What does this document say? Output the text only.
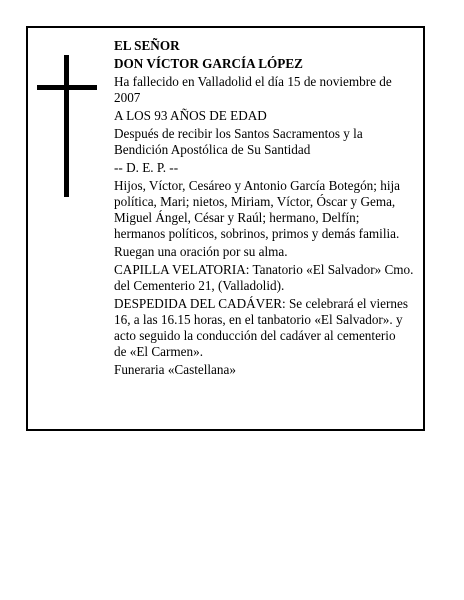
EL SEÑOR
DON VÍCTOR GARCÍA LÓPEZ
Ha fallecido en Valladolid el día 15 de noviembre de
2007
A LOS 93 AÑOS DE EDAD
Después de recibir los Santos Sacramentos y la
Bendición Apostólica de Su Santidad
-- D. E. P. --
Hijos, Víctor, Cesáreo y Antonio García Botegón; hija
política, Mari; nietos, Miriam, Víctor, Óscar y Gema,
Miguel Ángel, César y Raúl; hermano, Delfín;
hermanos políticos, sobrinos, primos y demás familia.
Ruegan una oración por su alma.
CAPILLA VELATORIA: Tanatorio «El Salvador» Cmo.
del Cementerio 21, (Valladolid).
DESPEDIDA DEL CADÁVER: Se celebrará el viernes
16, a las 16.15 horas, en el tanbatorio «El Salvador». y
acto seguido la conducción del cadáver al cementerio
de «El Carmen».
Funeraria «Castellana»
